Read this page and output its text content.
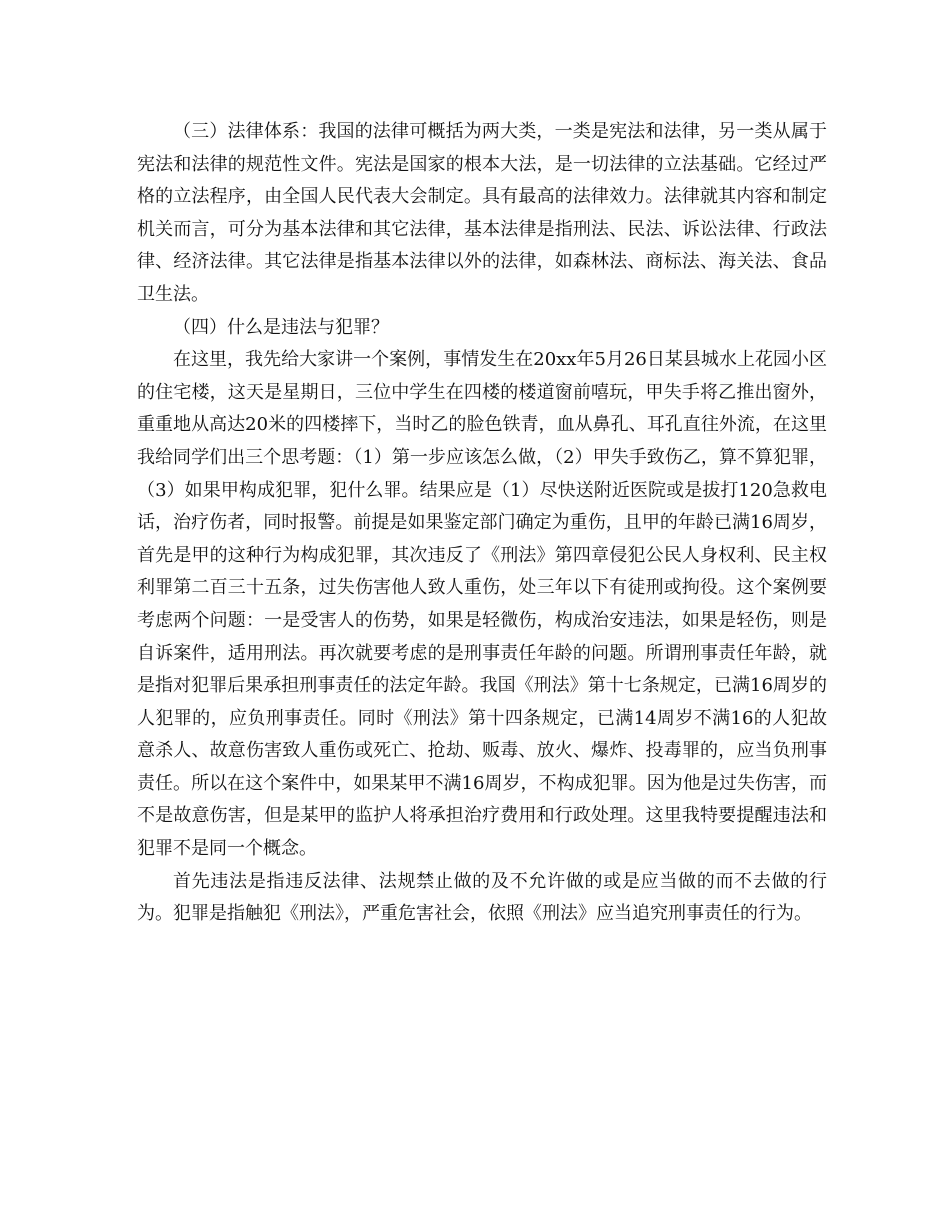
（三）法律体系：我国的法律可概括为两大类，一类是宪法和法律，另一类从属于宪法和法律的规范性文件。宪法是国家的根本大法，是一切法律的立法基础。它经过严格的立法程序，由全国人民代表大会制定。具有最高的法律效力。法律就其内容和制定机关而言，可分为基本法律和其它法律，基本法律是指刑法、民法、诉讼法律、行政法律、经济法律。其它法律是指基本法律以外的法律，如森林法、商标法、海关法、食品卫生法。

（四）什么是违法与犯罪？

在这里，我先给大家讲一个案例，事情发生在20xx年5月26日某县城水上花园小区的住宅楼，这天是星期日，三位中学生在四楼的楼道窗前嘻玩，甲失手将乙推出窗外，重重地从高达20米的四楼摔下，当时乙的脸色铁青，血从鼻孔、耳孔直往外流，在这里我给同学们出三个思考题：（1）第一步应该怎么做，（2）甲失手致伤乙，算不算犯罪，（3）如果甲构成犯罪，犯什么罪。结果应是（1）尽快送附近医院或是拔打120急救电话，治疗伤者，同时报警。前提是如果鉴定部门确定为重伤，且甲的年龄已满16周岁，首先是甲的这种行为构成犯罪，其次违反了《刑法》第四章侵犯公民人身权利、民主权利罪第二百三十五条，过失伤害他人致人重伤，处三年以下有徒刑或拘役。这个案例要考虑两个问题：一是受害人的伤势，如果是轻微伤，构成治安违法，如果是轻伤，则是自诉案件，适用刑法。再次就要考虑的是刑事责任年龄的问题。所谓刑事责任年龄，就是指对犯罪后果承担刑事责任的法定年龄。我国《刑法》第十七条规定，已满16周岁的人犯罪的，应负刑事责任。同时《刑法》第十四条规定，已满14周岁不满16的人犯故意杀人、故意伤害致人重伤或死亡、抢劫、贩毒、放火、爆炸、投毒罪的，应当负刑事责任。所以在这个案件中，如果某甲不满16周岁，不构成犯罪。因为他是过失伤害，而不是故意伤害，但是某甲的监护人将承担治疗费用和行政处理。这里我特要提醒违法和犯罪不是同一个概念。

首先违法是指违反法律、法规禁止做的及不允许做的或是应当做的而不去做的行为。犯罪是指触犯《刑法》，严重危害社会，依照《刑法》应当追究刑事责任的行为。
